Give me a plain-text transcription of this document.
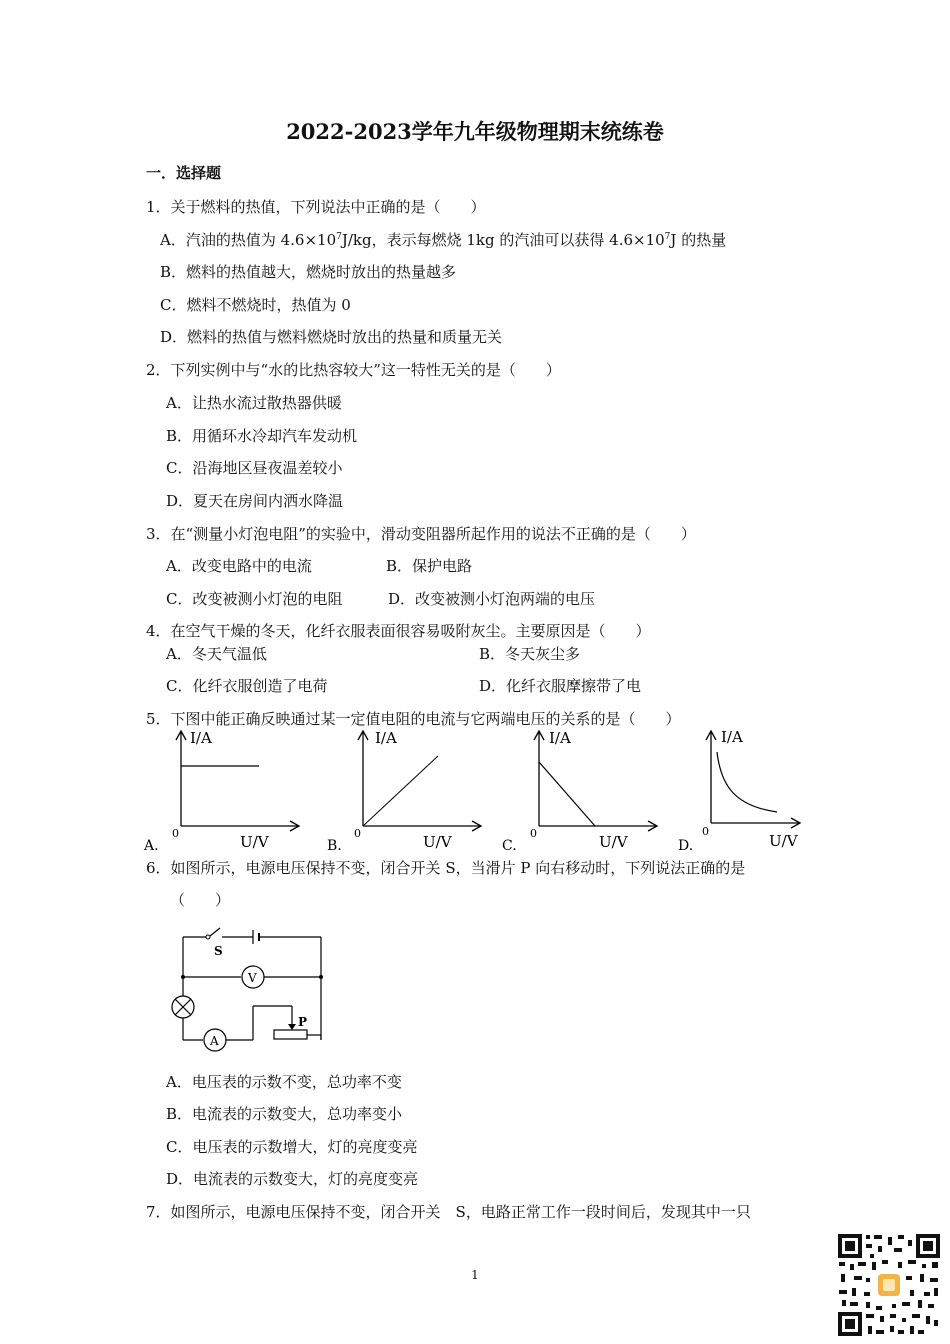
2022-2023学年九年级物理期末统练卷
一．选择题
1．关于燃料的热值，下列说法中正确的是（　　）
A．汽油的热值为 $4.6\times 10^7J/kg$，表示每燃烧 1kg 的汽油可以获得 $4.6\times 10^7J$ 的热量
B．燃料的热值越大，燃烧时放出的热量越多
C．燃料不燃烧时，热值为 0
D．燃料的热值与燃料燃烧时放出的热量和质量无关
2．下列实例中与“水的比热容较大”这一特性无关的是（　　）
A．让热水流过散热器供暖
B．用循环水冷却汽车发动机
C．沿海地区昼夜温差较小
D．夏天在房间内洒水降温
3．在“测量小灯泡电阻”的实验中，滑动变阻器所起作用的说法不正确的是（　　）
A．改变电路中的电流	B．保护电路
C．改变被测小灯泡的电阻	D．改变被测小灯泡两端的电压
4．在空气干燥的冬天，化纤衣服表面很容易吸附灰尘。主要原因是（　　）
A．冬天气温低	B．冬天灰尘多
C．化纤衣服创造了电荷	D．化纤衣服摩擦带了电
5．下图中能正确反映通过某一定值电阻的电流与它两端电压的关系的是（　　）
I/A
U/V
0
A.
I/A
U/V
0
B.
I/A
U/V
0
C.
I/A
U/V
0
D.
6．如图所示，电源电压保持不变，闭合开关 S，当滑片 P 向右移动时，下列说法正确的是
（　　）
S
V
A
P
A．电压表的示数不变，总功率不变
B．电流表的示数变大，总功率变小
C．电压表的示数增大，灯的亮度变亮
D．电流表的示数变大，灯的亮度变亮
7．如图所示，电源电压保持不变，闭合开关　S，电路正常工作一段时间后，发现其中一只
1
